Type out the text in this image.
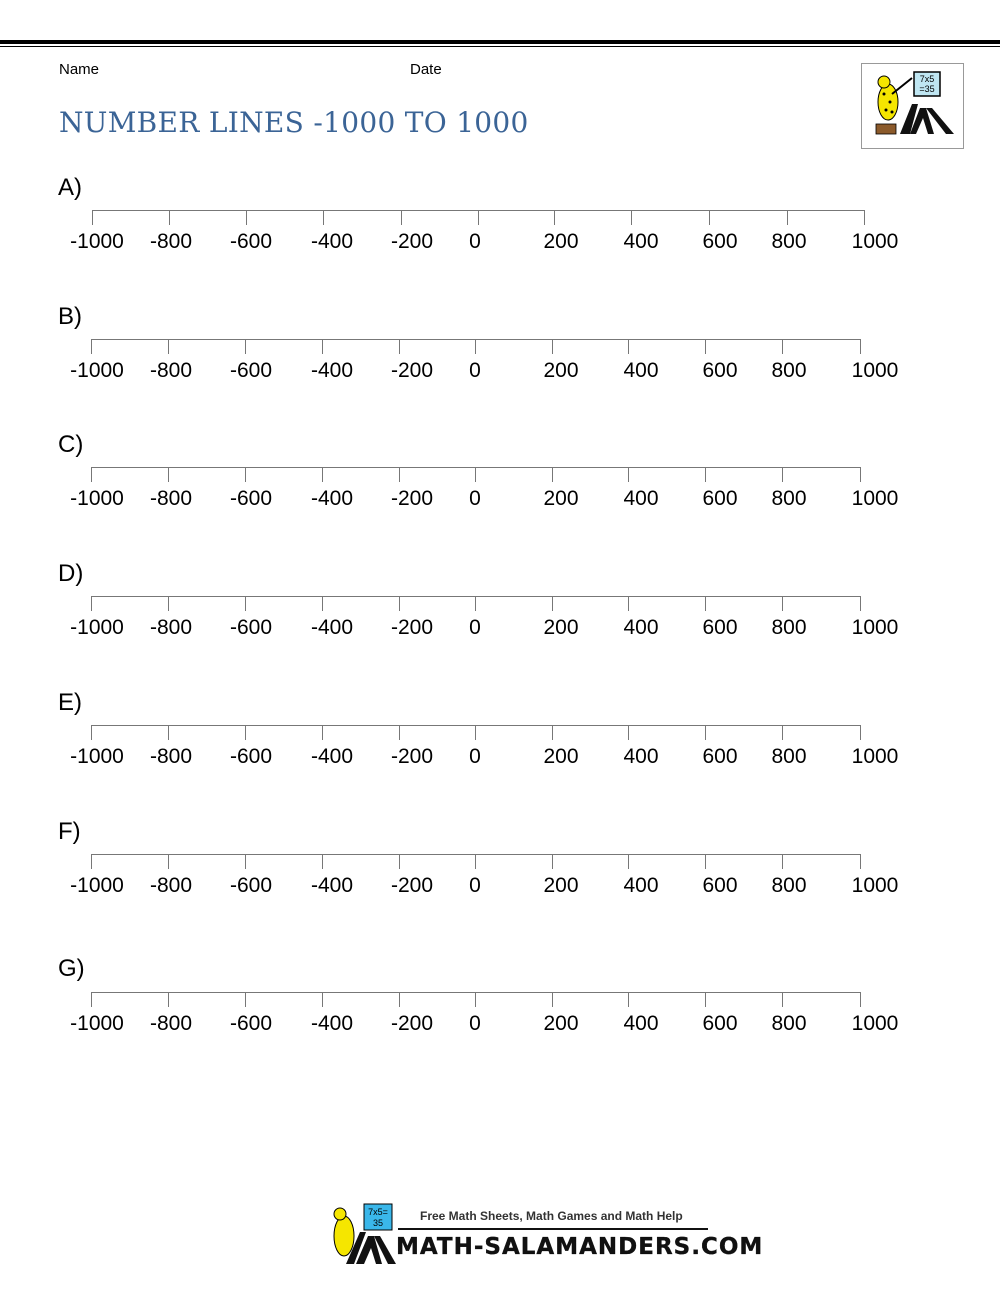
Name	Date
NUMBER LINES -1000 TO 1000
7x5
=35
A)
-1000 -800 -600 -400 -200 0	200 400 600 800 1000
B)
-1000 -800 -600 -400 -200 0	200 400 600 800 1000
C)
-1000 -800 -600 -400 -200 0	200 400 600 800 1000
D)
-1000 -800 -600 -400 -200 0	200 400 600 800 1000
E)
-1000 -800 -600 -400 -200 0	200 400 600 800 1000
F)
-1000 -800 -600 -400 -200 0	200 400 600 800 1000
G)
-1000 -800 -600 -400 -200 0	200 400 600 800 1000
7x5=
35	Free Math Sheets, Math Games and Math Help
MATH-SALAMANDERS.COM
